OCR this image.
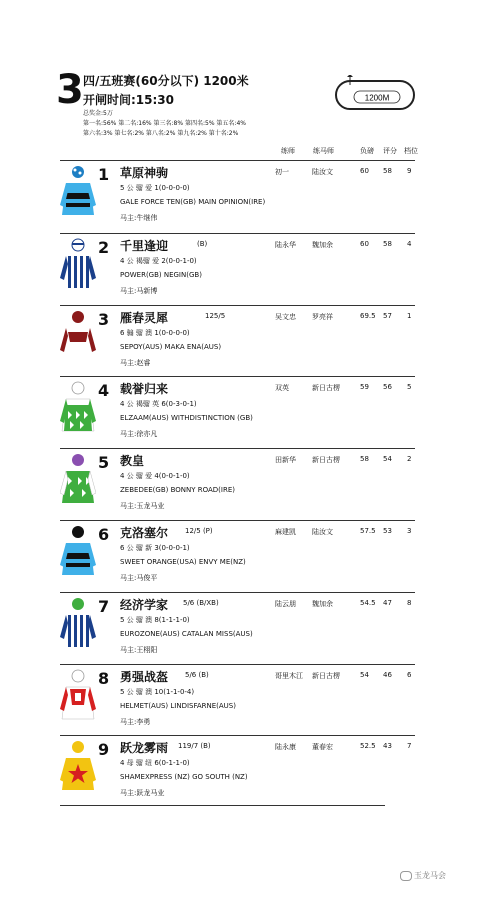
3 四/五班赛(60分以下) 1200米
开闸时间:15:30
总奖金:5万
第一名:56% 第二名:16% 第三名:8% 第四名:5% 第五名:4%
第六名:3% 第七名:2% 第八名:2% 第九名:2% 第十名:2%
1200M
练师	练马师	负磅 评分 档位
1 草原神驹	初一	陆汝文	60 58 9
5 公 骝 爱 1(0-0-0-0)
GALE FORCE TEN(GB) MAIN OPINION(IRE)
马主:牛继伟
2 千里逢迎	(B)	陆永华 魏加余	60 58 4
4 公 褐骝 爱 2(0-0-1-0)
POWER(GB) NEGIN(GB)
马主:马新博
3 雁春灵犀	125/5	吴文忠 罗亮祥	69.5 57 1
6 骟 骝 澳 1(0-0-0-0)
SEPOY(AUS) MAKA ENA(AUS)
马主:赵睿
4 载誉归来	双英	新日古楞	59 56 5
4 公 褐骝 英 6(0-3-0-1)
ELZAAM(AUS) WITHDISTINCTION (GB)
马主:徐亦凡
5 教皇	田新华 新日古楞	58 54 2
4 公 骝 爱 4(0-0-1-0)
ZEBEDEE(GB) BONNY ROAD(IRE)
马主:玉龙马业
6 克洛塞尔 12/5 (P)	麻建凯 陆汝文	57.5 53 3
6 公 骝 新 3(0-0-0-1)
SWEET ORANGE(USA) ENVY ME(NZ)
马主:马俊平
7 经济学家 5/6 (B/XB)	陆云朋 魏加余	54.5 47 8
5 公 骝 澳 8(1-1-1-0)
EUROZONE(AUS) CATALAN MISS(AUS)
马主:王栩阳
8 勇强战盔 5/6 (B)	哥里木江 新日古楞	54 46 6
5 公 骝 澳 10(1-1-0-4)
HELMET(AUS) LINDISFARNE(AUS)
马主:李勇
9 跃龙雾雨 119/7 (B)	陆永康 董春宏	52.5 43 7
4 母 骝 纽 6(0-1-1-0)
SHAMEXPRESS (NZ) GO SOUTH (NZ)
马主:跃龙马业
玉龙马会
